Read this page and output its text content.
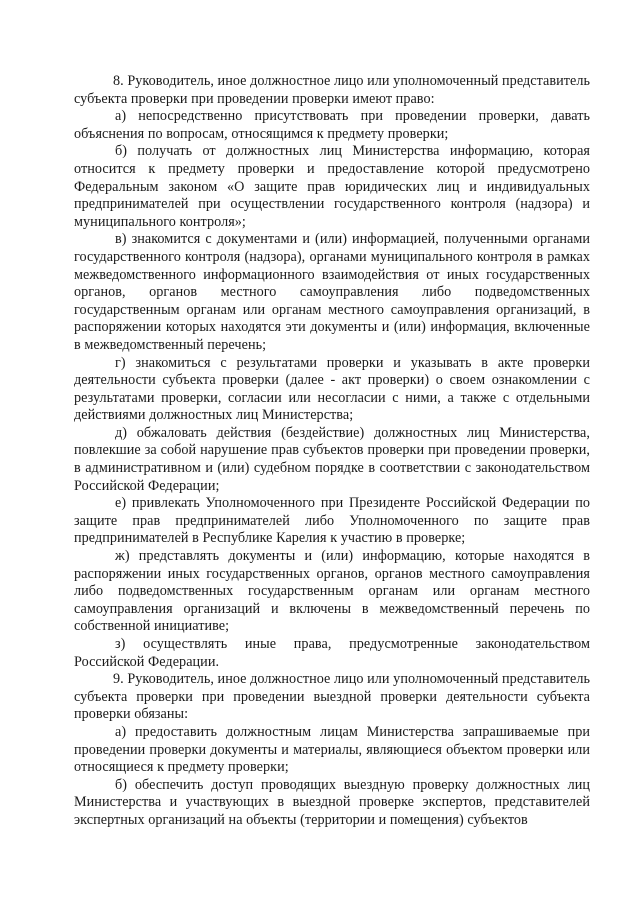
8. Руководитель, иное должностное лицо или уполномоченный представитель субъекта проверки при проведении проверки имеют право:

а) непосредственно присутствовать при проведении проверки, давать объяснения по вопросам, относящимся к предмету проверки;

б) получать от должностных лиц Министерства информацию, которая относится к предмету проверки и предоставление которой предусмотрено Федеральным законом «О защите прав юридических лиц и индивидуальных предпринимателей при осуществлении государственного контроля (надзора) и муниципального контроля»;

в) знакомится с документами и (или) информацией, полученными органами государственного контроля (надзора), органами муниципального контроля в рамках межведомственного информационного взаимодействия от иных государственных органов, органов местного самоуправления либо подведомственных государственным органам или органам местного самоуправления организаций, в распоряжении которых находятся эти документы и (или) информация, включенные в межведомственный перечень;

г) знакомиться с результатами проверки и указывать в акте проверки деятельности субъекта проверки (далее - акт проверки) о своем ознакомлении с результатами проверки, согласии или несогласии с ними, а также с отдельными действиями должностных лиц Министерства;

д) обжаловать действия (бездействие) должностных лиц Министерства, повлекшие за собой нарушение прав субъектов проверки при проведении проверки, в административном и (или) судебном порядке в соответствии с законодательством Российской Федерации;

е) привлекать Уполномоченного при Президенте Российской Федерации по защите прав предпринимателей либо Уполномоченного по защите прав предпринимателей в Республике Карелия к участию в проверке;

ж) представлять документы и (или) информацию, которые находятся в распоряжении иных государственных органов, органов местного самоуправления либо подведомственных государственным органам или органам местного самоуправления организаций и включены в межведомственный перечень по собственной инициативе;

з) осуществлять иные права, предусмотренные законодательством Российской Федерации.

9. Руководитель, иное должностное лицо или уполномоченный представитель субъекта проверки при проведении выездной проверки деятельности субъекта проверки обязаны:

а) предоставить должностным лицам Министерства запрашиваемые при проведении проверки документы и материалы, являющиеся объектом проверки или относящиеся к предмету проверки;

б) обеспечить доступ проводящих выездную проверку должностных лиц Министерства и участвующих в выездной проверке экспертов, представителей экспертных организаций на объекты (территории и помещения) субъектов
